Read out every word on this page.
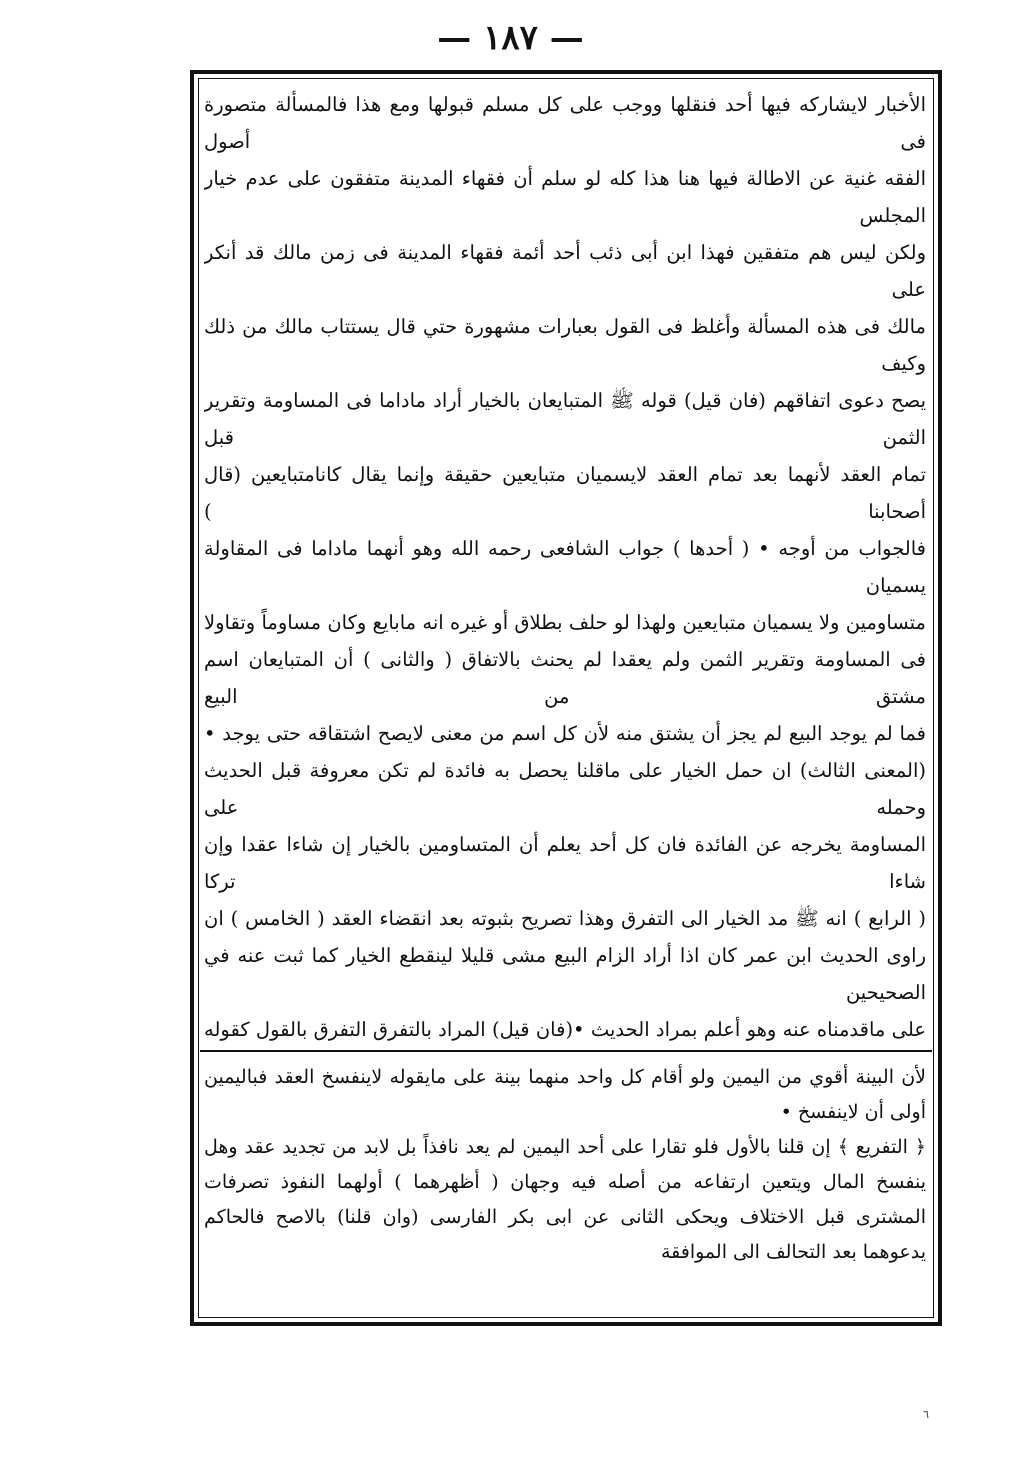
— ١٨٧ —

الأخبار لايشاركه فيها أحد فنقلها ووجب على كل مسلم قبولها ومع هذا فالمسألة متصورة فى أصول

الفقه غنية عن الاطالة فيها هنا هذا كله لو سلم أن فقهاء المدينة متفقون على عدم خيار المجلس

ولكن ليس هم متفقين فهذا ابن أبى ذئب أحد أئمة فقهاء المدينة فى زمن مالك قد أنكر على

مالك فى هذه المسألة وأغلظ فى القول بعبارات مشهورة حتي قال يستتاب مالك من ذلك وكيف

يصح دعوى اتفاقهم (فان قيل) قوله ﷺ المتبايعان بالخيار أراد ماداما فى المساومة وتقرير الثمن قبل

تمام العقد لأنهما بعد تمام العقد لايسميان متبايعين حقيقة وإنما يقال كانامتبايعين (قال أصحابنا )

فالجواب من أوجه • ( أحدها ) جواب الشافعى رحمه الله وهو أنهما ماداما فى المقاولة يسميان

متساومين ولا يسميان متبايعين ولهذا لو حلف بطلاق أو غيره انه مابايع وكان مساوماً وتقاولا

فى المساومة وتقرير الثمن ولم يعقدا لم يحنث بالاتفاق ( والثانى ) أن المتبايعان اسم مشتق من البيع

فما لم يوجد البيع لم يجز أن يشتق منه لأن كل اسم من معنى لايصح اشتقاقه حتى يوجد •

(المعنى الثالث) ان حمل الخيار على ماقلنا يحصل به فائدة لم تكن معروفة قبل الحديث وحمله على

المساومة يخرجه عن الفائدة فان كل أحد يعلم أن المتساومين بالخيار إن شاءا عقدا وإن شاءا تركا

( الرابع ) انه ﷺ مد الخيار الى التفرق وهذا تصريح بثبوته بعد انقضاء العقد ( الخامس ) ان

راوى الحديث ابن عمر كان اذا أراد الزام البيع مشى قليلا لينقطع الخيار كما ثبت عنه في الصحيحين

على ماقدمناه عنه وهو أعلم بمراد الحديث •(فان قيل) المراد بالتفرق التفرق بالقول كقوله

لأن البينة أقوي من اليمين ولو أقام كل واحد منهما بينة على مايقوله لاينفسخ العقد فباليمين أولى أن لاينفسخ •

﴿ التفريع ﴾ إن قلنا بالأول فلو تقارا على أحد اليمين لم يعد نافذاً بل لابد من تجديد عقد وهل ينفسخ المال ويتعين ارتفاعه من أصله فيه وجهان ( أظهرهما ) أولهما النفوذ تصرفات المشترى قبل الاختلاف ويحكى الثانى عن ابى بكر الفارسى (وان قلنا) بالاصح فالحاكم يدعوهما بعد التحالف الى الموافقة

٦
